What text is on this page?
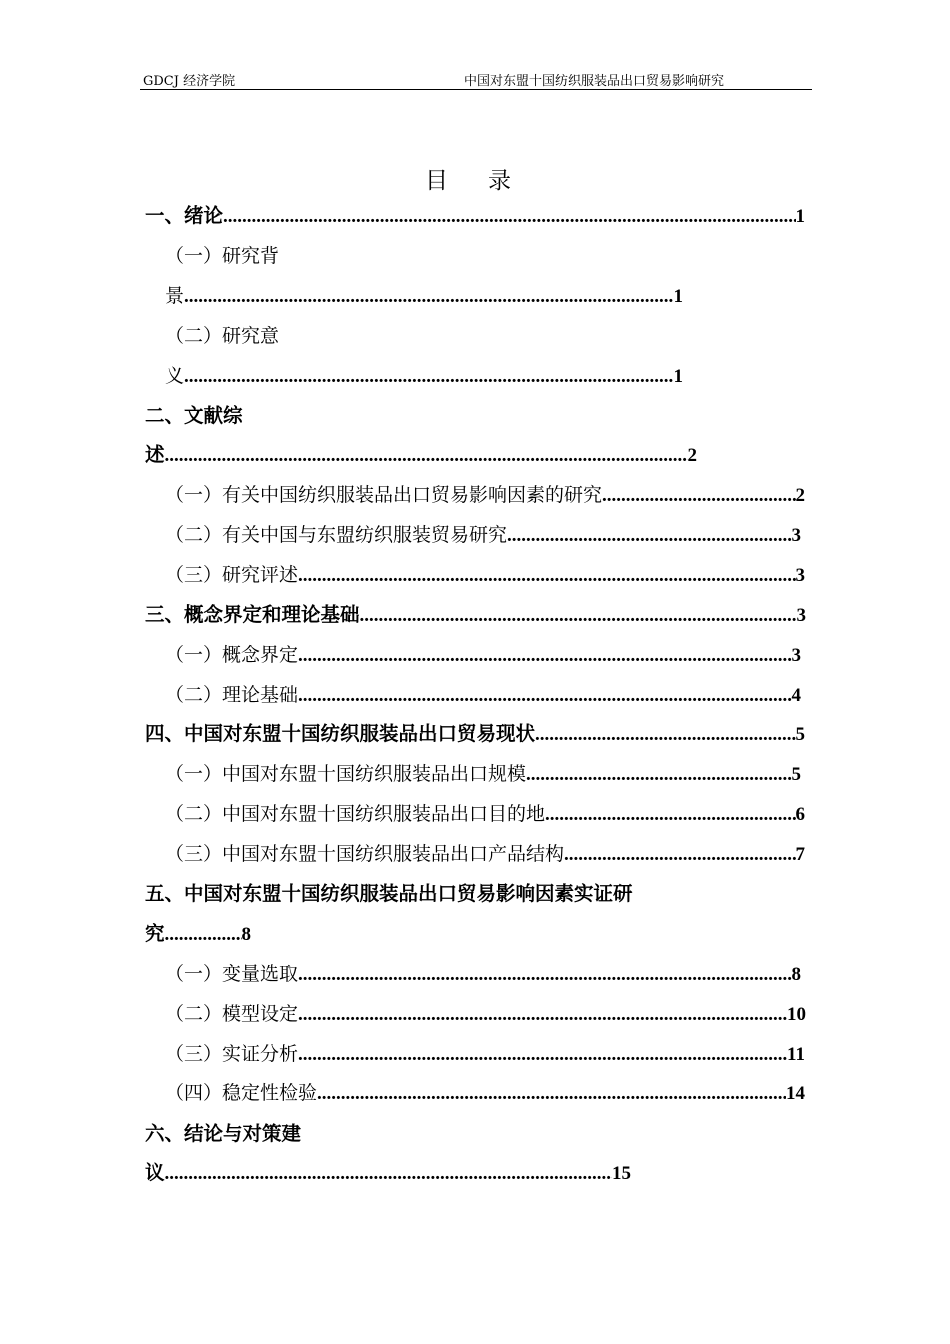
GDCJ 经济学院	中国对东盟十国纺织服装品出口贸易影响研究
目录
一、绪论 .....	1
（一）研究背
景 .....	1
（二）研究意
义 .....	1
二、文献综
述 .....	2
（一）有关中国纺织服装品出口贸易影响因素的研究 .....	2
（二）有关中国与东盟纺织服装贸易研究 .....	3
（三）研究评述 .....	3
三、概念界定和理论基础 .....	3
（一）概念界定 .....	3
（二）理论基础 .....	4
四、中国对东盟十国纺织服装品出口贸易现状 .....	5
（一）中国对东盟十国纺织服装品出口规模 .....	5
（二）中国对东盟十国纺织服装品出口目的地 .....	6
（三）中国对东盟十国纺织服装品出口产品结构 .....	7
五、中国对东盟十国纺织服装品出口贸易影响因素实证研
究 .....	8
（一）变量选取 .....	8
（二）模型设定 .....	10
（三）实证分析 .....	11
（四）稳定性检验 .....	14
六、结论与对策建
议 .....	15
